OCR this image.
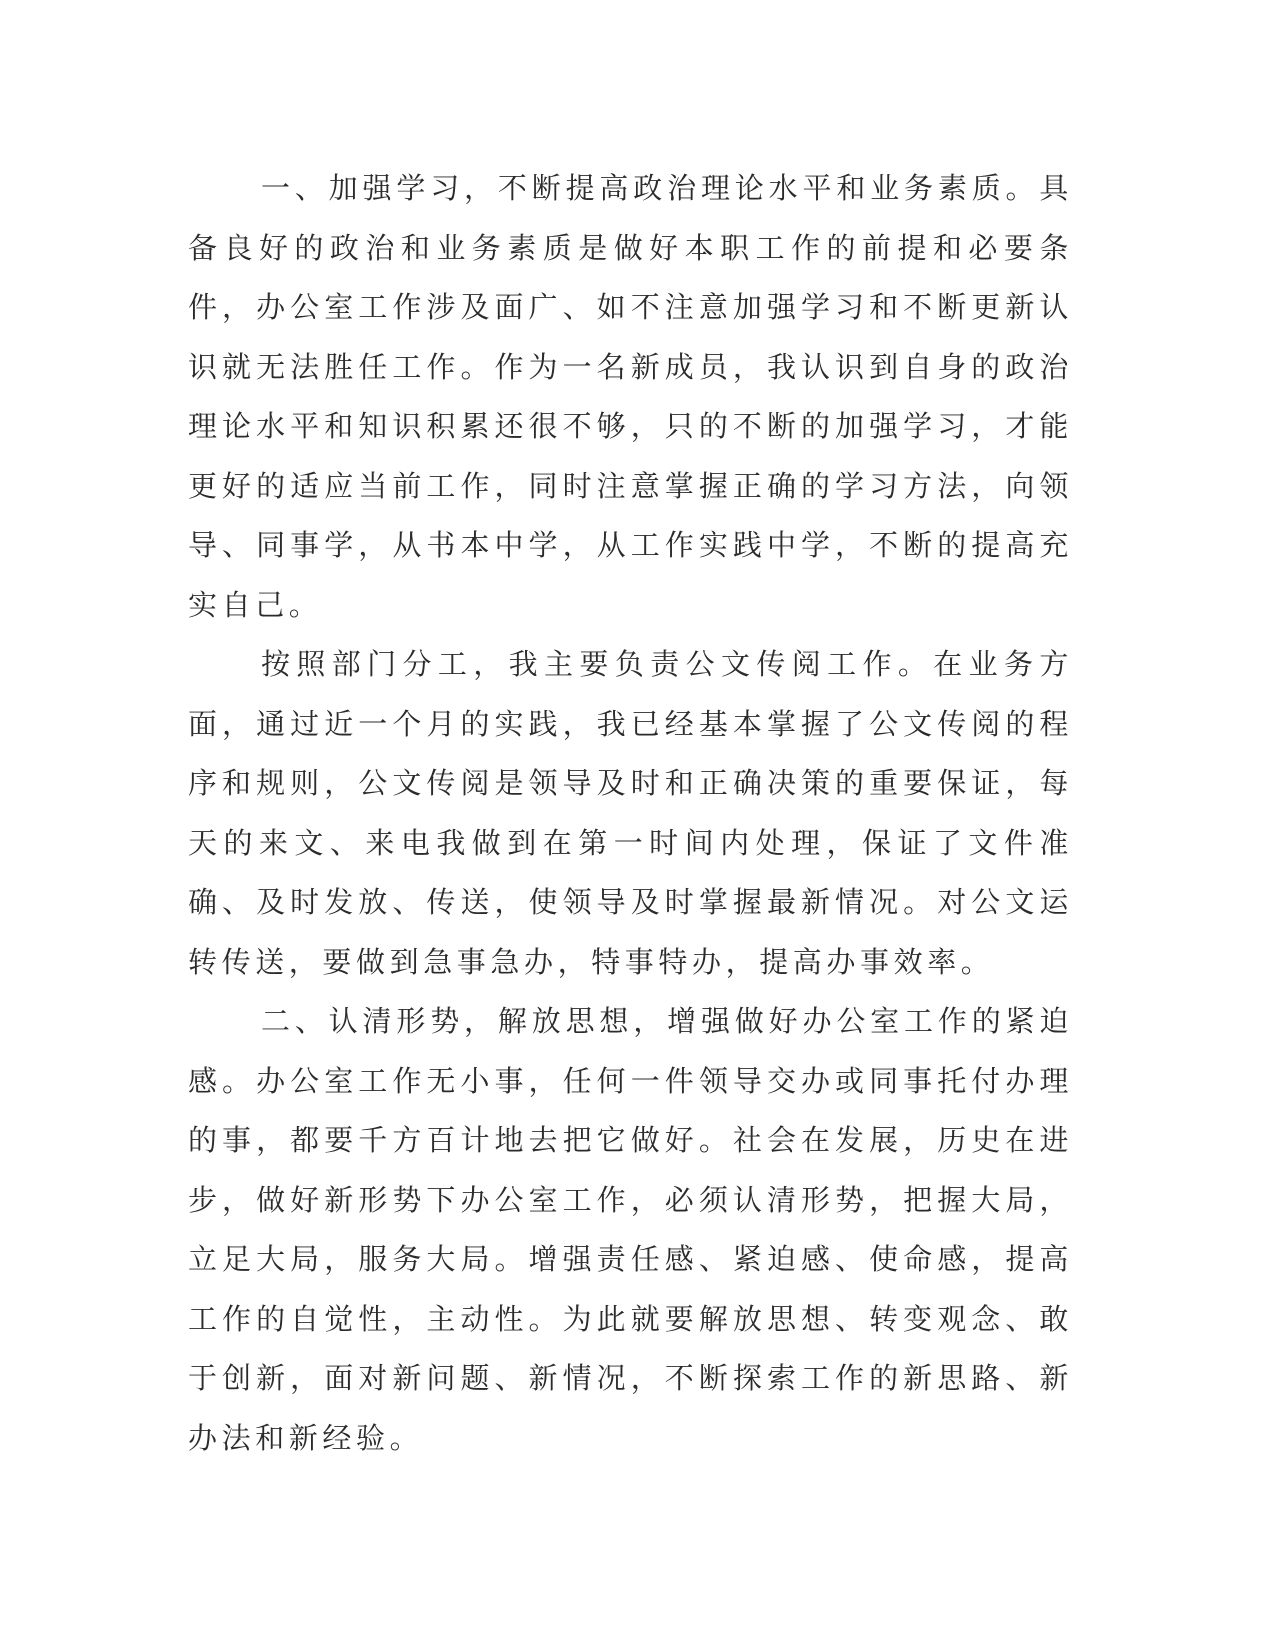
一、加强学习，不断提高政治理论水平和业务素质。具备良好的政治和业务素质是做好本职工作的前提和必要条件，办公室工作涉及面广、如不注意加强学习和不断更新认识就无法胜任工作。作为一名新成员，我认识到自身的政治理论水平和知识积累还很不够，只的不断的加强学习，才能更好的适应当前工作，同时注意掌握正确的学习方法，向领导、同事学，从书本中学，从工作实践中学，不断的提高充实自己。

按照部门分工，我主要负责公文传阅工作。在业务方面，通过近一个月的实践，我已经基本掌握了公文传阅的程序和规则，公文传阅是领导及时和正确决策的重要保证，每天的来文、来电我做到在第一时间内处理，保证了文件准确、及时发放、传送，使领导及时掌握最新情况。对公文运转传送，要做到急事急办，特事特办，提高办事效率。

二、认清形势，解放思想，增强做好办公室工作的紧迫感。办公室工作无小事，任何一件领导交办或同事托付办理的事，都要千方百计地去把它做好。社会在发展，历史在进步，做好新形势下办公室工作，必须认清形势，把握大局，立足大局，服务大局。增强责任感、紧迫感、使命感，提高工作的自觉性，主动性。为此就要解放思想、转变观念、敢于创新，面对新问题、新情况，不断探索工作的新思路、新办法和新经验。
